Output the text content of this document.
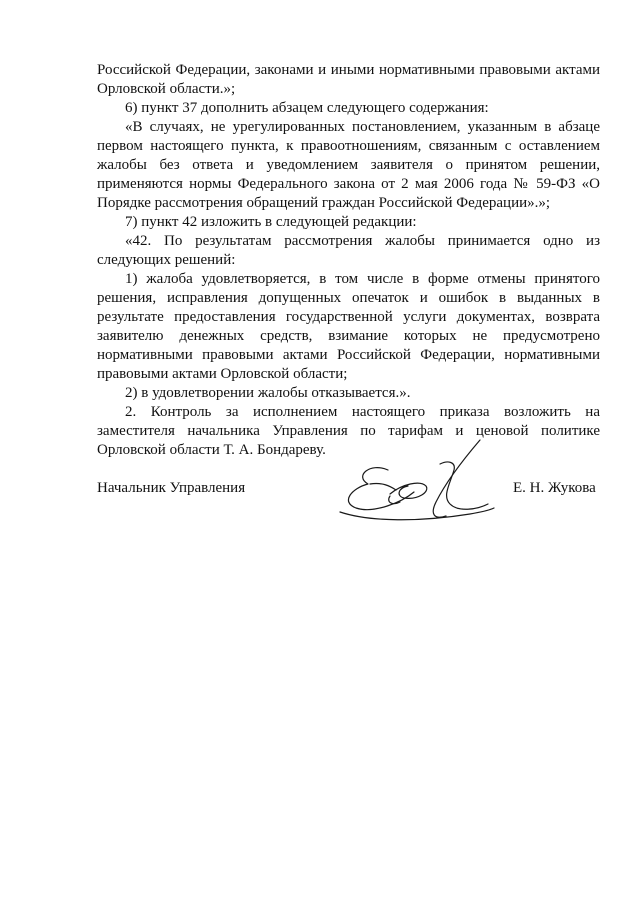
Российской Федерации, законами и иными нормативными правовыми актами Орловской области.»;

6) пункт 37 дополнить абзацем следующего содержания:

«В случаях, не урегулированных постановлением, указанным в абзаце первом настоящего пункта, к правоотношениям, связанным с оставлением жалобы без ответа и уведомлением заявителя о принятом решении, применяются нормы Федерального закона от 2 мая 2006 года № 59-ФЗ «О Порядке рассмотрения обращений граждан Российской Федерации».»;

7) пункт 42 изложить в следующей редакции:

«42. По результатам рассмотрения жалобы принимается одно из следующих решений:

1) жалоба удовлетворяется, в том числе в форме отмены принятого решения, исправления допущенных опечаток и ошибок в выданных в результате предоставления государственной услуги документах, возврата заявителю денежных средств, взимание которых не предусмотрено нормативными правовыми актами Российской Федерации, нормативными правовыми актами Орловской области;

2) в удовлетворении жалобы отказывается.».

2. Контроль за исполнением настоящего приказа возложить на заместителя начальника Управления по тарифам и ценовой политике Орловской области Т. А. Бондареву.

Начальник Управления	Е. Н. Жукова
